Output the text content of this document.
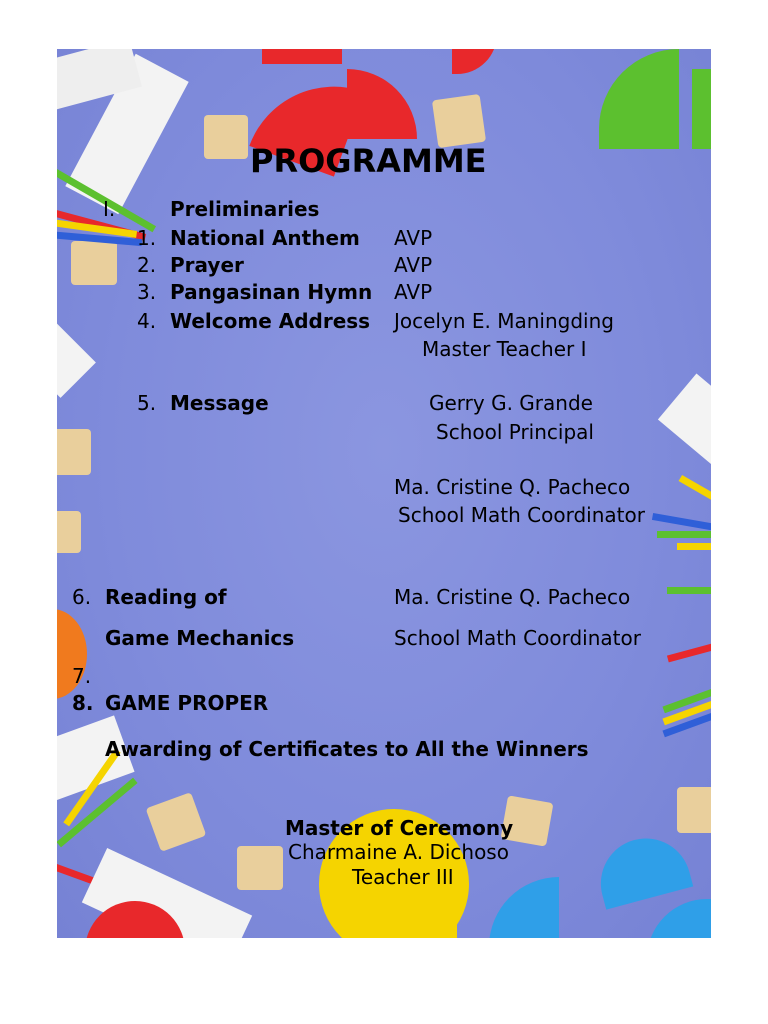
PROGRAMME
I.	Preliminaries
1. National Anthem AVP
2. Prayer	AVP
3. Pangasinan Hymn AVP
4. Welcome Address Jocelyn E. Maningding
Master Teacher I
5. Message	Gerry G. Grande
School Principal
Ma. Cristine Q. Pacheco
School Math Coordinator
6. Reading of	Ma. Cristine Q. Pacheco
Game Mechanics	School Math Coordinator
7.
8. GAME PROPER
Awarding of Certificates to All the Winners
Master of Ceremony
Charmaine A. Dichoso
Teacher III
